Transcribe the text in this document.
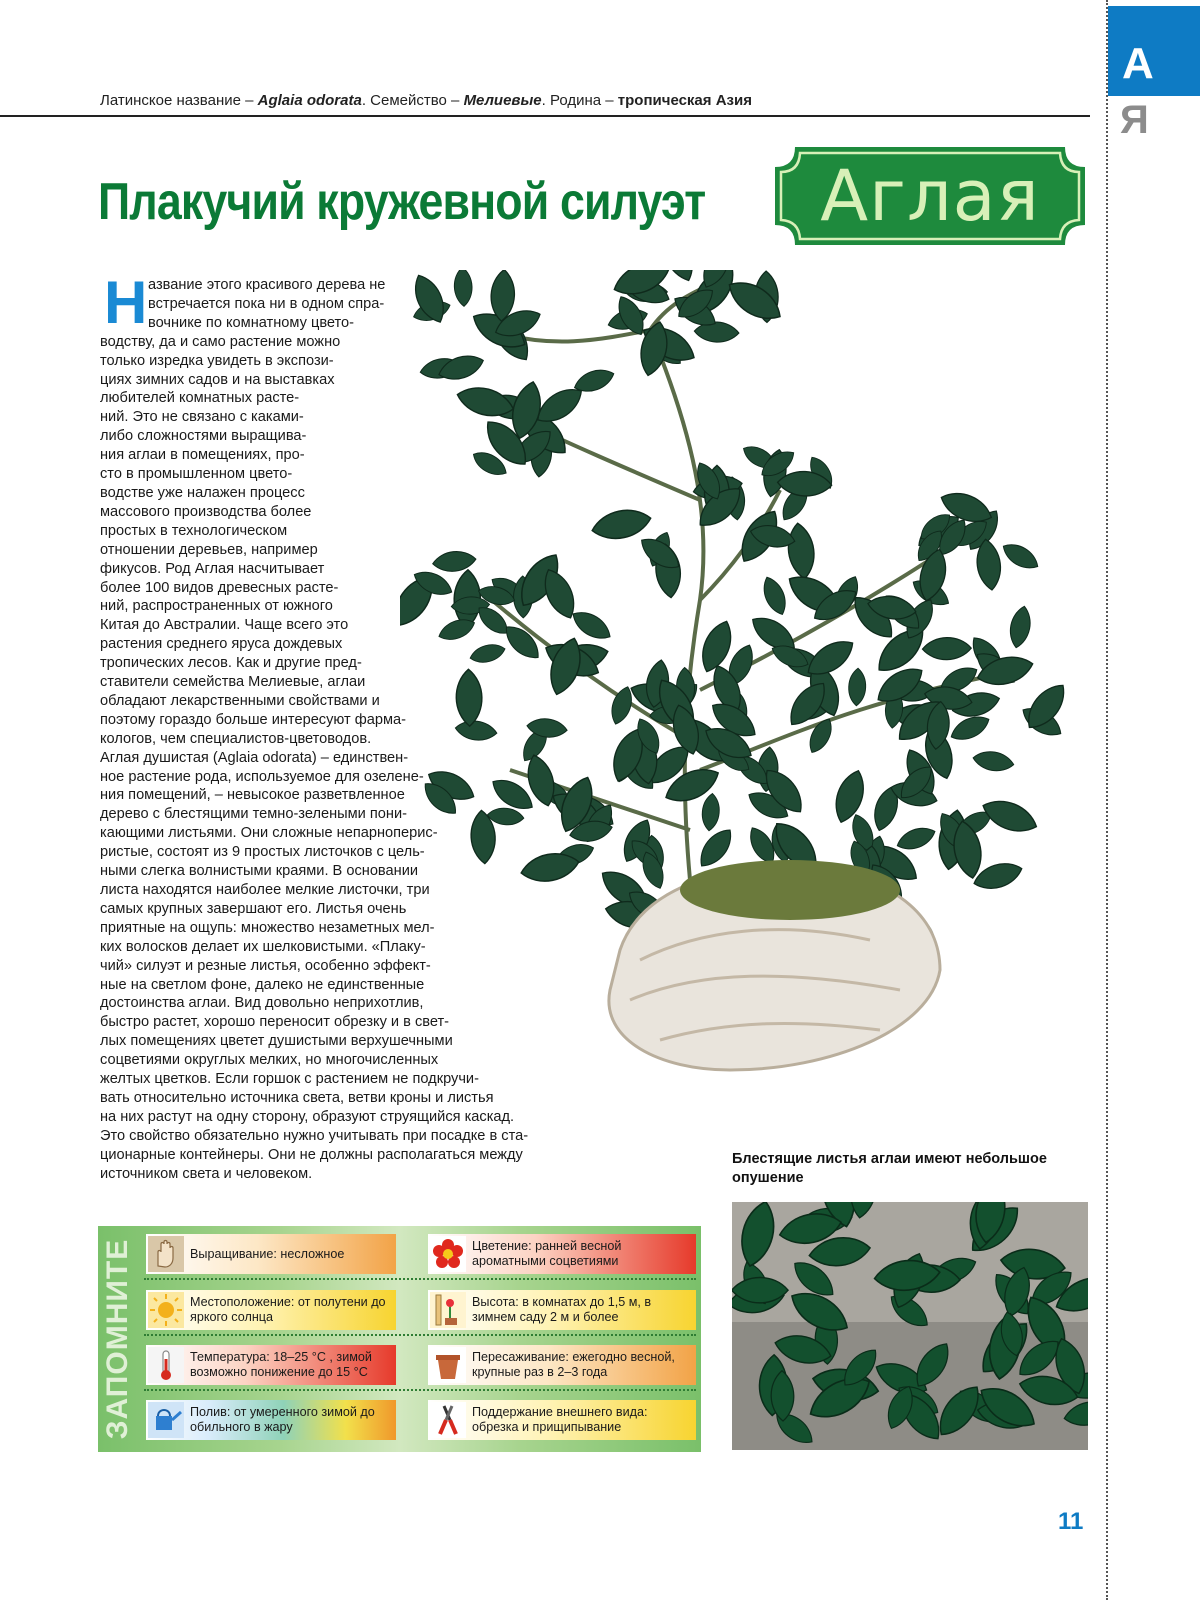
А
Я
Латинское название – Aglaia odorata. Семейство – Мелиевые. Родина – тропическая Азия
Плакучий кружевной силуэт	Аглая
Н азвание этого красивого дерева не
встречается пока ни в одном спра-
вочнике по комнатному цвето-
водству, да и само растение можно
только изредка увидеть в экспози-
циях зимних садов и на выставках
любителей комнатных расте-
ний. Это не связано с каками-
либо сложностями выращива-
ния аглаи в помещениях, про-
сто в промышленном цвето-
водстве уже налажен процесс
массового производства более
простых в технологическом
отношении деревьев, например
фикусов. Род Аглая насчитывает
более 100 видов древесных расте-
ний, распространенных от южного
Китая до Австралии. Чаще всего это
растения среднего яруса дождевых
тропических лесов. Как и другие пред-
ставители семейства Мелиевые, аглаи
обладают лекарственными свойствами и
поэтому гораздо больше интересуют фарма-
кологов, чем специалистов-цветоводов.
Аглая душистая (Aglaia odorata) – единствен-
ное растение рода, используемое для озелене-
ния помещений, – невысокое разветвленное
дерево с блестящими темно-зелеными пони-
кающими листьями. Они сложные непарноперис-
ристые, состоят из 9 простых листочков с цель-
ными слегка волнистыми краями. В основании
листа находятся наиболее мелкие листочки, три
самых крупных завершают его. Листья очень
приятные на ощупь: множество незаметных мел-
ких волосков делает их шелковистыми. «Плаку-
чий» силуэт и резные листья, особенно эффект-
ные на светлом фоне, далеко не единственные
достоинства аглаи. Вид довольно неприхотлив,
быстро растет, хорошо переносит обрезку и в свет-
лых помещениях цветет душистыми верхушечными
соцветиями округлых мелких, но многочисленных
желтых цветков. Если горшок с растением не подкручи-
вать относительно источника света, ветви кроны и листья
на них растут на одну сторону, образуют струящийся каскад.
Это свойство обязательно нужно учитывать при посадке в ста-
ционарные контейнеры. Они не должны располагаться между
источником света и человеком.
Блестящие листья аглаи имеют небольшое опушение
ЗАПОМНИТЕ	Выращивание: несложное
Местоположение: от полутени до яркого солнца
Температура: 18–25 °С , зимой возможно понижение до 15 °С
Полив: от умеренного зимой до обильного в жару
Цветение: ранней весной ароматными соцветиями
Высота: в комнатах до 1,5 м, в зимнем саду 2 м и более
Пересаживание: ежегодно весной, крупные раз в 2–3 года
Поддержание внешнего вида: обрезка и прищипывание
11
